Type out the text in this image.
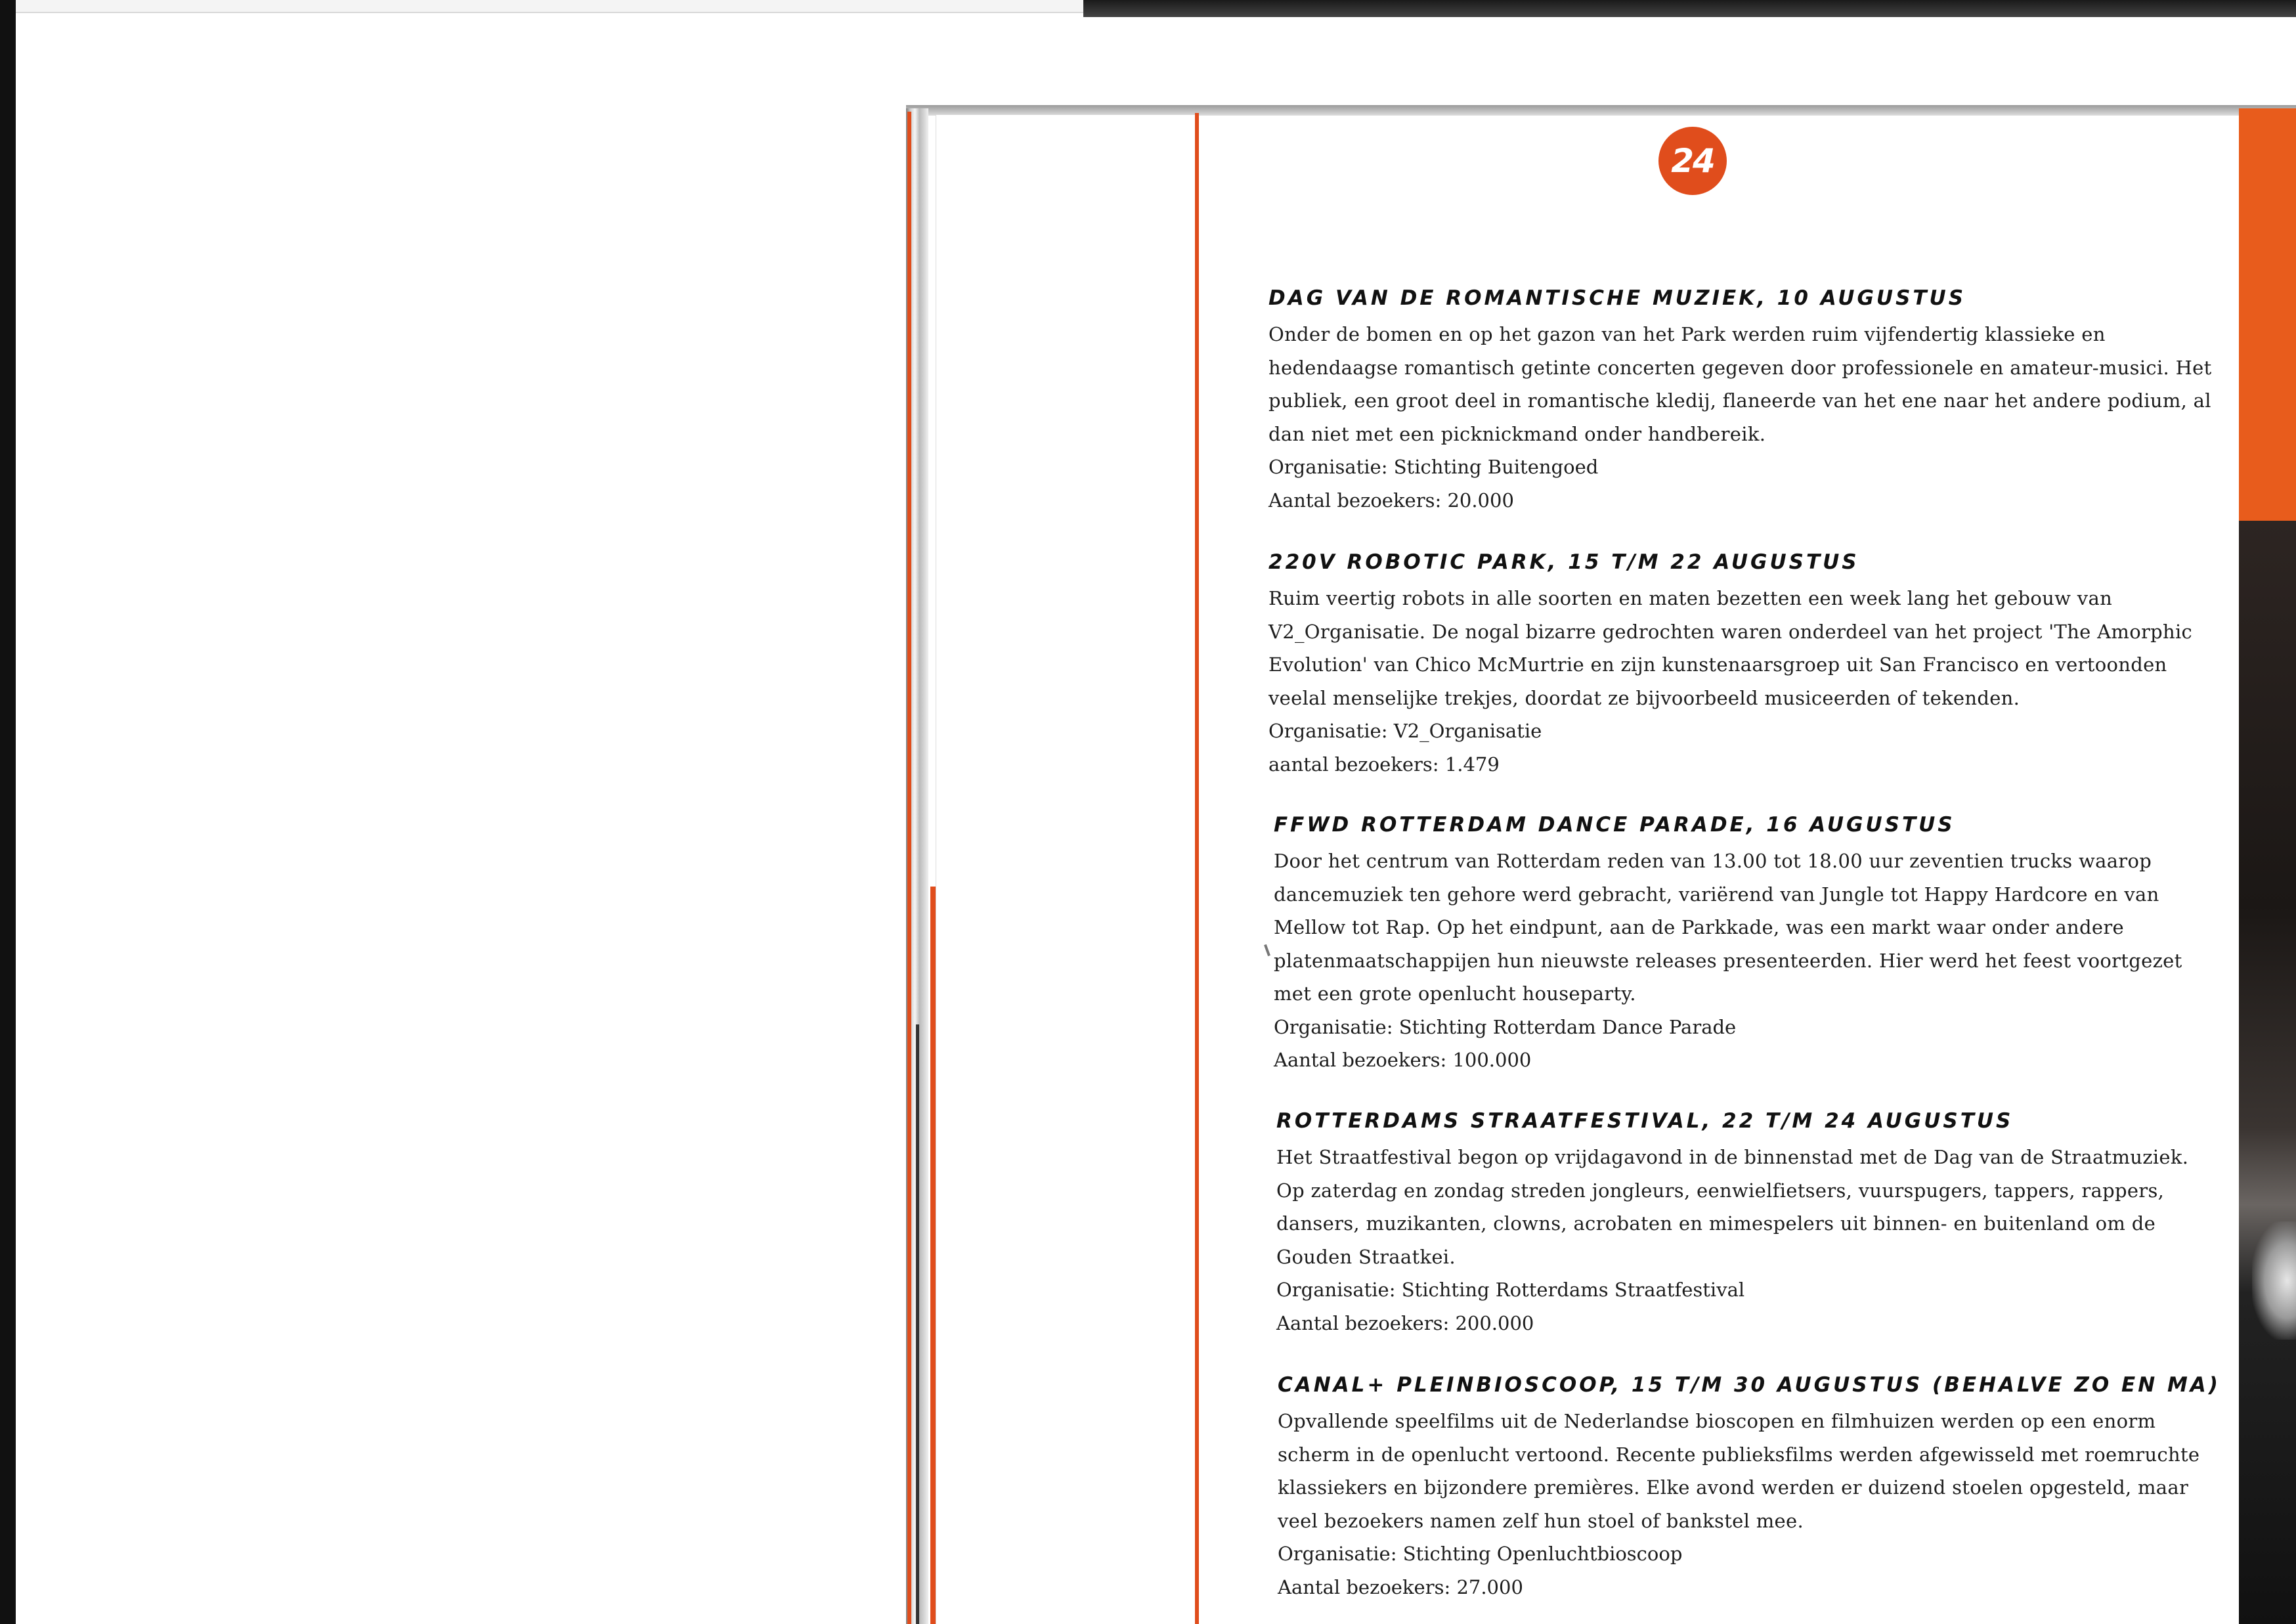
24
DAG VAN DE ROMANTISCHE MUZIEK, 10 AUGUSTUS

Onder de bomen en op het gazon van het Park werden ruim vijfendertig klassieke en hedendaagse romantisch getinte concerten gegeven door professionele en amateur-musici. Het publiek, een groot deel in romantische kledij, flaneerde van het ene naar het andere podium, al dan niet met een picknickmand onder handbereik.

Organisatie: Stichting Buitengoed

Aantal bezoekers: 20.000

220V ROBOTIC PARK, 15 T/M 22 AUGUSTUS

Ruim veertig robots in alle soorten en maten bezetten een week lang het gebouw van V2_Organisatie. De nogal bizarre gedrochten waren onderdeel van het project 'The Amorphic Evolution' van Chico McMurtrie en zijn kunstenaarsgroep uit San Francisco en vertoonden veelal menselijke trekjes, doordat ze bijvoorbeeld musiceerden of tekenden.

Organisatie: V2_Organisatie

aantal bezoekers: 1.479

FFWD ROTTERDAM DANCE PARADE, 16 AUGUSTUS

Door het centrum van Rotterdam reden van 13.00 tot 18.00 uur zeventien trucks waarop dancemuziek ten gehore werd gebracht, variërend van Jungle tot Happy Hardcore en van Mellow tot Rap. Op het eindpunt, aan de Parkkade, was een markt waar onder andere platenmaatschappijen hun nieuwste releases presenteerden. Hier werd het feest voortgezet met een grote openlucht houseparty.

Organisatie: Stichting Rotterdam Dance Parade

Aantal bezoekers: 100.000

ROTTERDAMS STRAATFESTIVAL, 22 T/M 24 AUGUSTUS

Het Straatfestival begon op vrijdagavond in de binnenstad met de Dag van de Straatmuziek. Op zaterdag en zondag streden jongleurs, eenwielfietsers, vuurspugers, tappers, rappers, dansers, muzikanten, clowns, acrobaten en mimespelers uit binnen- en buitenland om de Gouden Straatkei.

Organisatie: Stichting Rotterdams Straatfestival

Aantal bezoekers: 200.000

CANAL+ PLEINBIOSCOOP, 15 T/M 30 AUGUSTUS (BEHALVE ZO EN MA)

Opvallende speelfilms uit de Nederlandse bioscopen en filmhuizen werden op een enorm scherm in de openlucht vertoond. Recente publieksfilms werden afgewisseld met roemruchte klassiekers en bijzondere premières. Elke avond werden er duizend stoelen opgesteld, maar veel bezoekers namen zelf hun stoel of bankstel mee.

Organisatie: Stichting Openluchtbioscoop

Aantal bezoekers: 27.000
